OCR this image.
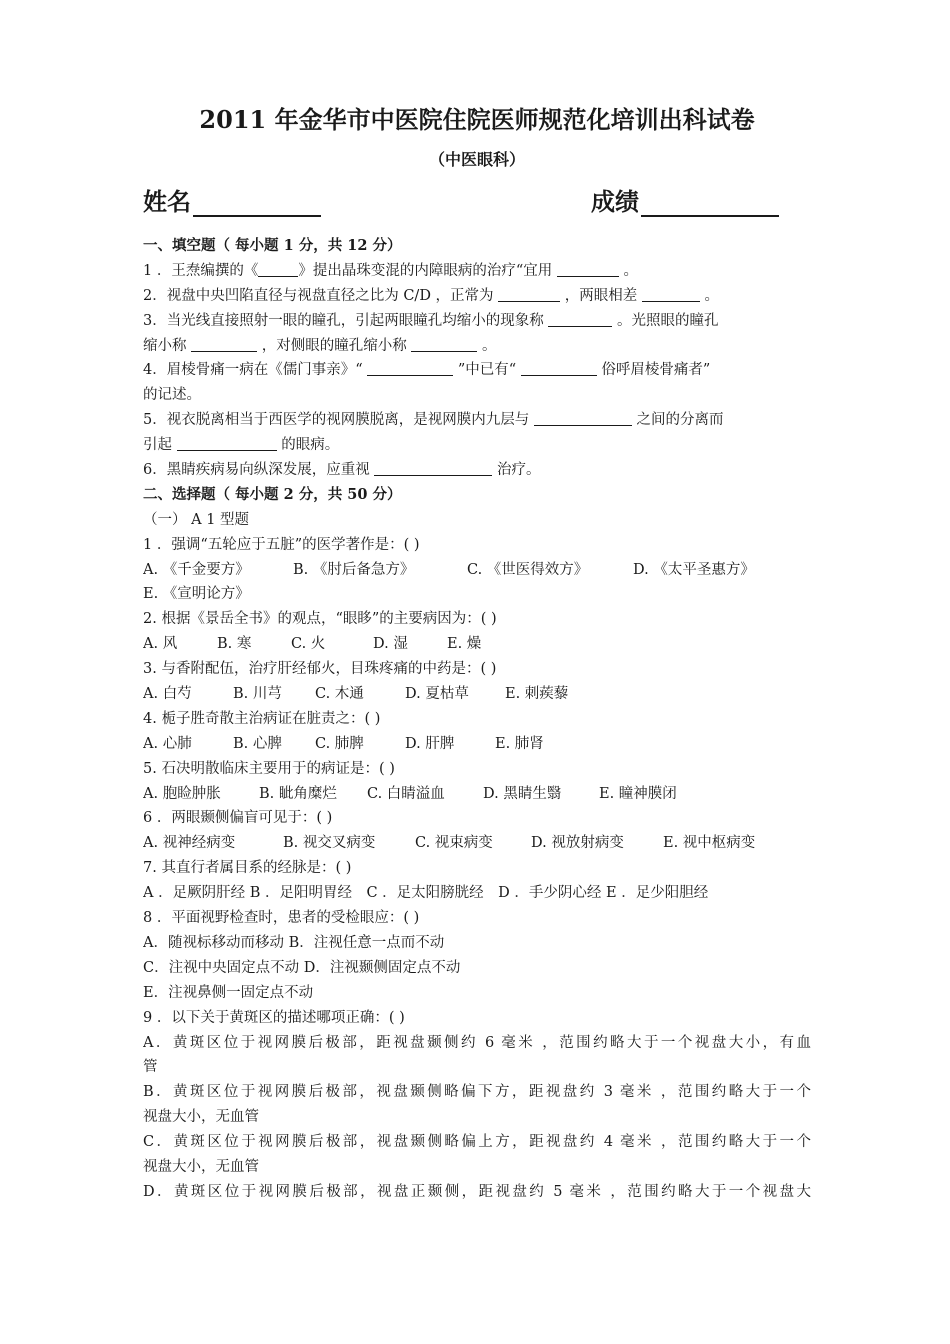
2011 年金华市中医院住院医师规范化培训出科试卷
（中医眼科）
姓名	成绩
一、填空题（ 每小题 1 分，共 12 分）
1 ．王焘编撰的《	》提出晶珠变混的内障眼病的治疗“宜用	。
2．视盘中央凹陷直径与视盘直径之比为 C/D ，正常为	，两眼相差	。
3．当光线直接照射一眼的瞳孔，引起两眼瞳孔均缩小的现象称	。光照眼的瞳孔
缩小称	，对侧眼的瞳孔缩小称	。
4．眉棱骨痛一病在《儒门事亲》“	”中已有“	俗呼眉棱骨痛者”
的记述。
5．视衣脱离相当于西医学的视网膜脱离，是视网膜内九层与	之间的分离而
引起	的眼病。
6．黑睛疾病易向纵深发展，应重视	治疗。
二、选择题（ 每小题 2 分，共 50 分）
（一） A 1 型题
1 ．强调“五轮应于五脏”的医学著作是：( )
A. 《千金要方》	B. 《肘后备急方》	C. 《世医得效方》	D. 《太平圣惠方》
E. 《宣明论方》
2. 根据《景岳全书》的观点，“眼眵”的主要病因为：( )
A. 风	B. 寒	C. 火	D. 湿	E. 燥
3. 与香附配伍，治疗肝经郁火，目珠疼痛的中药是：( )
A. 白芍	B. 川芎	C. 木通	D. 夏枯草	E. 刺蒺藜
4. 栀子胜奇散主治病证在脏责之：( )
A. 心肺	B. 心脾	C. 肺脾	D. 肝脾	E. 肺肾
5. 石决明散临床主要用于的病证是：( )
A. 胞睑肿胀	B. 眦角糜烂	C. 白睛溢血	D. 黑睛生翳	E. 瞳神膜闭
6 ．两眼颞侧偏盲可见于：( )
A. 视神经病变	B. 视交叉病变	C. 视束病变	D. 视放射病变	E. 视中枢病变
7. 其直行者属目系的经脉是：( )
A ．足厥阴肝经 B ．足阳明胃经　C ．足太阳膀胱经　D ．手少阴心经 E ．足少阳胆经
8 ．平面视野检查时，患者的受检眼应：( )
A．随视标移动而移动 B．注视任意一点而不动
C．注视中央固定点不动 D．注视颞侧固定点不动
E．注视鼻侧一固定点不动
9 ．以下关于黄斑区的描述哪项正确：( )
A．黄斑区位于视网膜后极部，距视盘颞侧约 6 毫米 ，范围约略大于一个视盘大小，有血
管
B．黄斑区位于视网膜后极部，视盘颞侧略偏下方，距视盘约 3 毫米 ，范围约略大于一个
视盘大小，无血管
C．黄斑区位于视网膜后极部，视盘颞侧略偏上方，距视盘约 4 毫米 ，范围约略大于一个
视盘大小，无血管
D．黄斑区位于视网膜后极部，视盘正颞侧，距视盘约 5 毫米 ，范围约略大于一个视盘大
